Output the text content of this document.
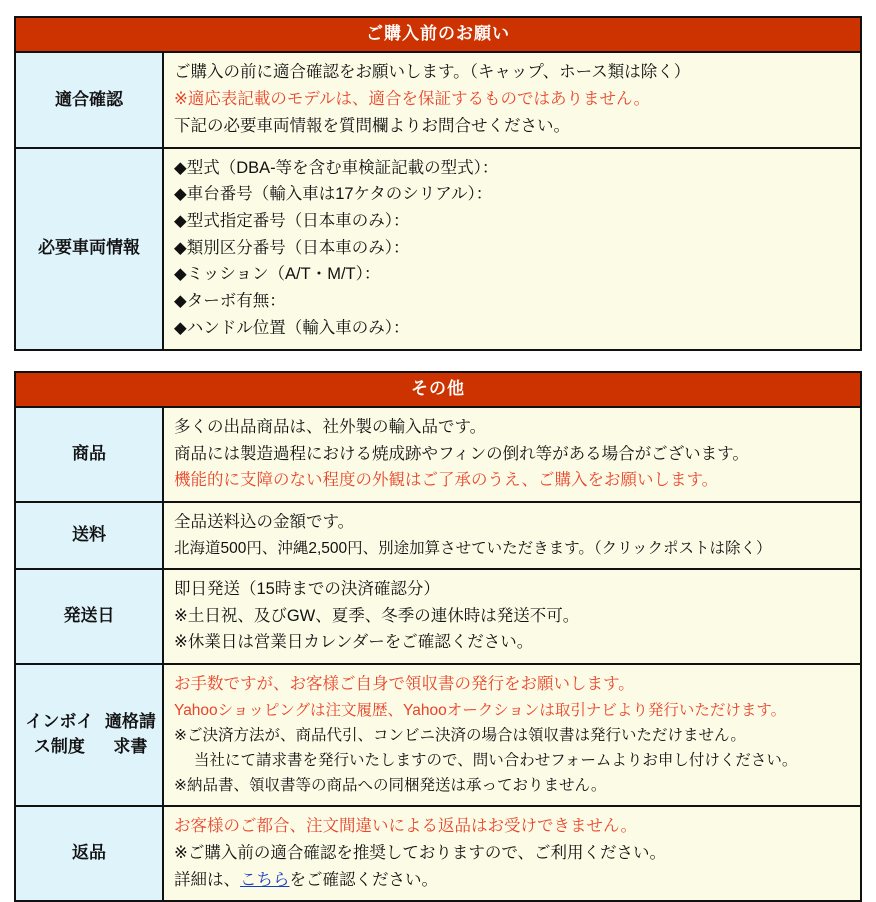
ご購入前のお願い
適合確認
ご購入の前に適合確認をお願いします。（キャップ、ホース類は除く）
※適応表記載のモデルは、適合を保証するものではありません。
下記の必要車両情報を質問欄よりお問合せください。
必要車両情報
◆型式（DBA-等を含む車検証記載の型式）：
◆車台番号（輸入車は17ケタのシリアル）：
◆型式指定番号（日本車のみ）：
◆類別区分番号（日本車のみ）：
◆ミッション（A/T・M/T）：
◆ターボ有無：
◆ハンドル位置（輸入車のみ）：
その他
商品
多くの出品商品は、社外製の輸入品です。
商品には製造過程における焼成跡やフィンの倒れ等がある場合がございます。
機能的に支障のない程度の外観はご了承のうえ、ご購入をお願いします。
送料
全品送料込の金額です。
北海道500円、沖縄2,500円、別途加算させていただきます。（クリックポストは除く）
発送日
即日発送（15時までの決済確認分）
※土日祝、及びGW、夏季、冬季の連休時は発送不可。
※休業日は営業日カレンダーをご確認ください。
インボイス制度
適格請求書
お手数ですが、お客様ご自身で領収書の発行をお願いします。
Yahooショッピングは注文履歴、Yahooオークションは取引ナビより発行いただけます。
※ご決済方法が、商品代引、コンビニ決済の場合は領収書は発行いただけません。
当社にて請求書を発行いたしますので、問い合わせフォームよりお申し付けください。
※納品書、領収書等の商品への同梱発送は承っておりません。
返品
お客様のご都合、注文間違いによる返品はお受けできません。
※ご購入前の適合確認を推奨しておりますので、ご利用ください。
詳細は、こちらをご確認ください。
